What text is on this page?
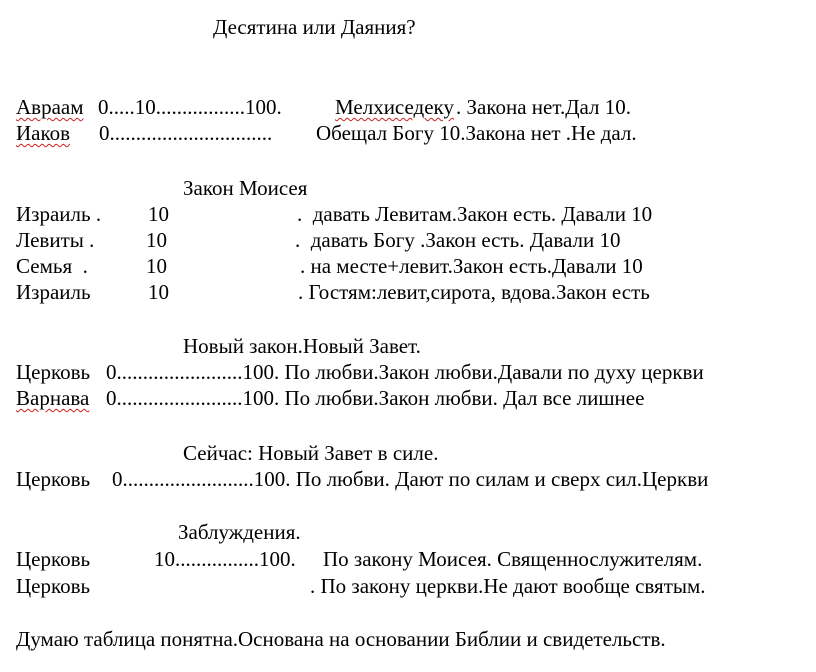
Десятина или Даяния?
Авраам 0.....10.................100.	Мелхиседеку . Закона нет.Дал 10.
Иаков 0............................... Обещал Богу 10.Закона нет .Не дал.
Закон Моисея
Израиль . 10	.  давать Левитам.Закон есть. Давали 10
Левиты . 10	.  давать Богу .Закон есть. Давали 10
Семья  .	10	. на месте+левит.Закон есть.Давали 10
Израиль	10	. Гостям:левит,сирота, вдова.Закон есть
Новый закон.Новый Завет.
Церковь 0........................100. По любви.Закон любви.Давали по духу церкви
Варнава 0........................100. По любви.Закон любви. Дал все лишнее
Сейчас: Новый Завет в силе.
Церковь 0.........................100. По любви. Дают по силам и сверх сил.Церкви
Заблуждения.
Церковь	10................100. По закону Моисея. Священнослужителям.
Церковь	. По закону церкви.Не дают вообще святым.
Думаю таблица понятна.Основана на основании Библии и свидетельств.
